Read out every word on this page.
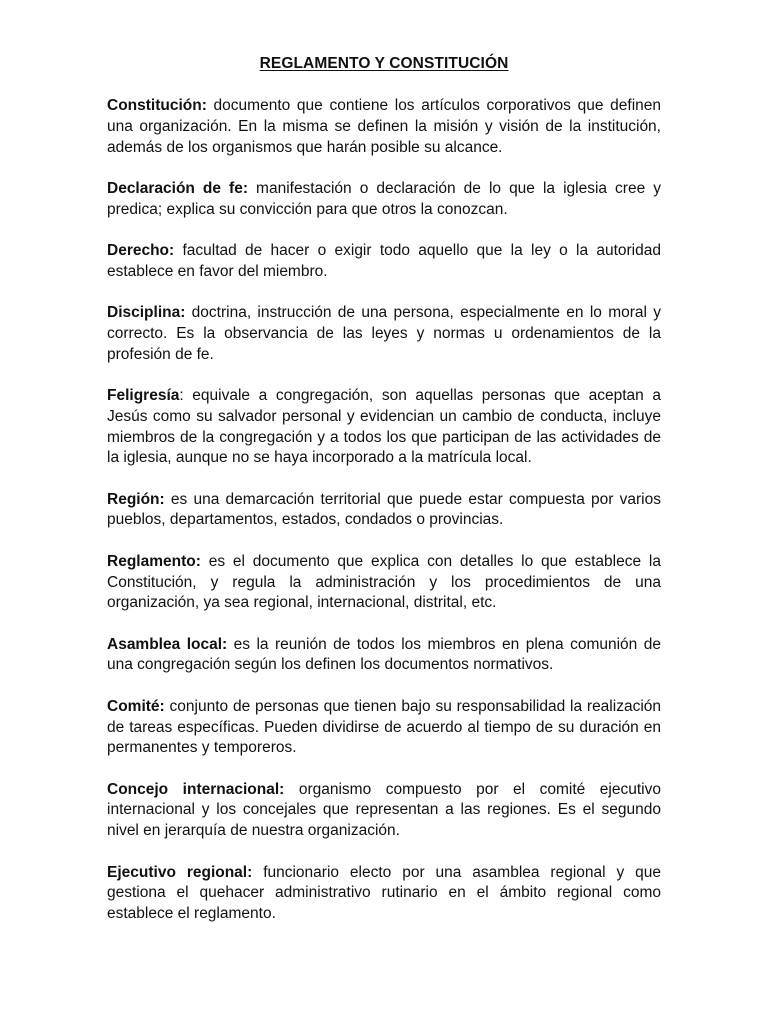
REGLAMENTO Y CONSTITUCIÓN

Constitución: documento que contiene los artículos corporativos que definen una organización. En la misma se definen la misión y visión de la institución, además de los organismos que harán posible su alcance.

Declaración de fe: manifestación o declaración de lo que la iglesia cree y predica; explica su convicción para que otros la conozcan.

Derecho: facultad de hacer o exigir todo aquello que la ley o la autoridad establece en favor del miembro.

Disciplina: doctrina, instrucción de una persona, especialmente en lo moral y correcto. Es la observancia de las leyes y normas u ordenamientos de la profesión de fe.

Feligresía: equivale a congregación, son aquellas personas que aceptan a Jesús como su salvador personal y evidencian un cambio de conducta, incluye miembros de la congregación y a todos los que participan de las actividades de la iglesia, aunque no se haya incorporado a la matrícula local.

Región: es una demarcación territorial que puede estar compuesta por varios pueblos, departamentos, estados, condados o provincias.

Reglamento: es el documento que explica con detalles lo que establece la Constitución, y regula la administración y los procedimientos de una organización, ya sea regional, internacional, distrital, etc.

Asamblea local: es la reunión de todos los miembros en plena comunión de una congregación según los definen los documentos normativos.

Comité: conjunto de personas que tienen bajo su responsabilidad la realización de tareas específicas. Pueden dividirse de acuerdo al tiempo de su duración en permanentes y temporeros.

Concejo internacional: organismo compuesto por el comité ejecutivo internacional y los concejales que representan a las regiones. Es el segundo nivel en jerarquía de nuestra organización.

Ejecutivo regional: funcionario electo por una asamblea regional y que gestiona el quehacer administrativo rutinario en el ámbito regional como establece el reglamento.
